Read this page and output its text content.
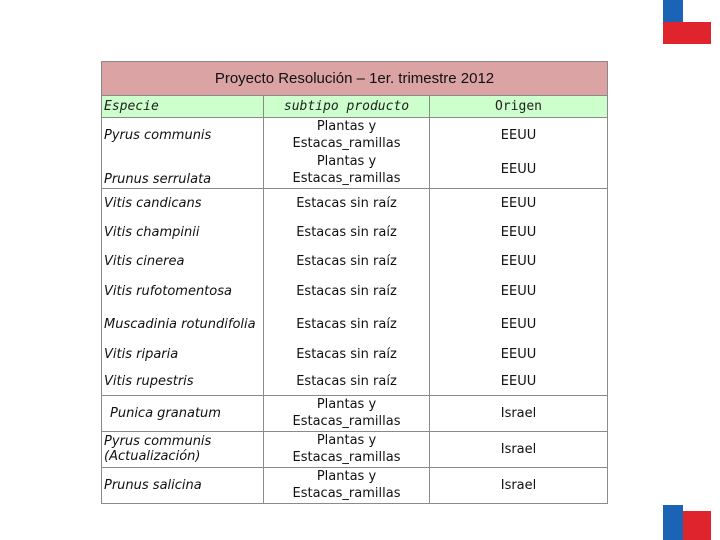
Proyecto Resolución – 1er. trimestre 2012		
Especie	subtipo producto	Origen
Pyrus communis	Plantas y Estacas_ramillas	EEUU
Prunus serrulata	Plantas y Estacas_ramillas	EEUU
Vitis candicans	Estacas sin raíz	EEUU
Vitis champinii	Estacas sin raíz	EEUU
Vitis cinerea	Estacas sin raíz	EEUU
Vitis rufotomentosa	Estacas sin raíz	EEUU
Muscadinia rotundifolia	Estacas sin raíz	EEUU
Vitis riparia	Estacas sin raíz	EEUU
Vitis rupestris	Estacas sin raíz	EEUU
Punica granatum	Plantas y Estacas_ramillas	Israel
Pyrus communis (Actualización)	Plantas y Estacas_ramillas	Israel
Prunus salicina	Plantas y Estacas_ramillas	Israel
